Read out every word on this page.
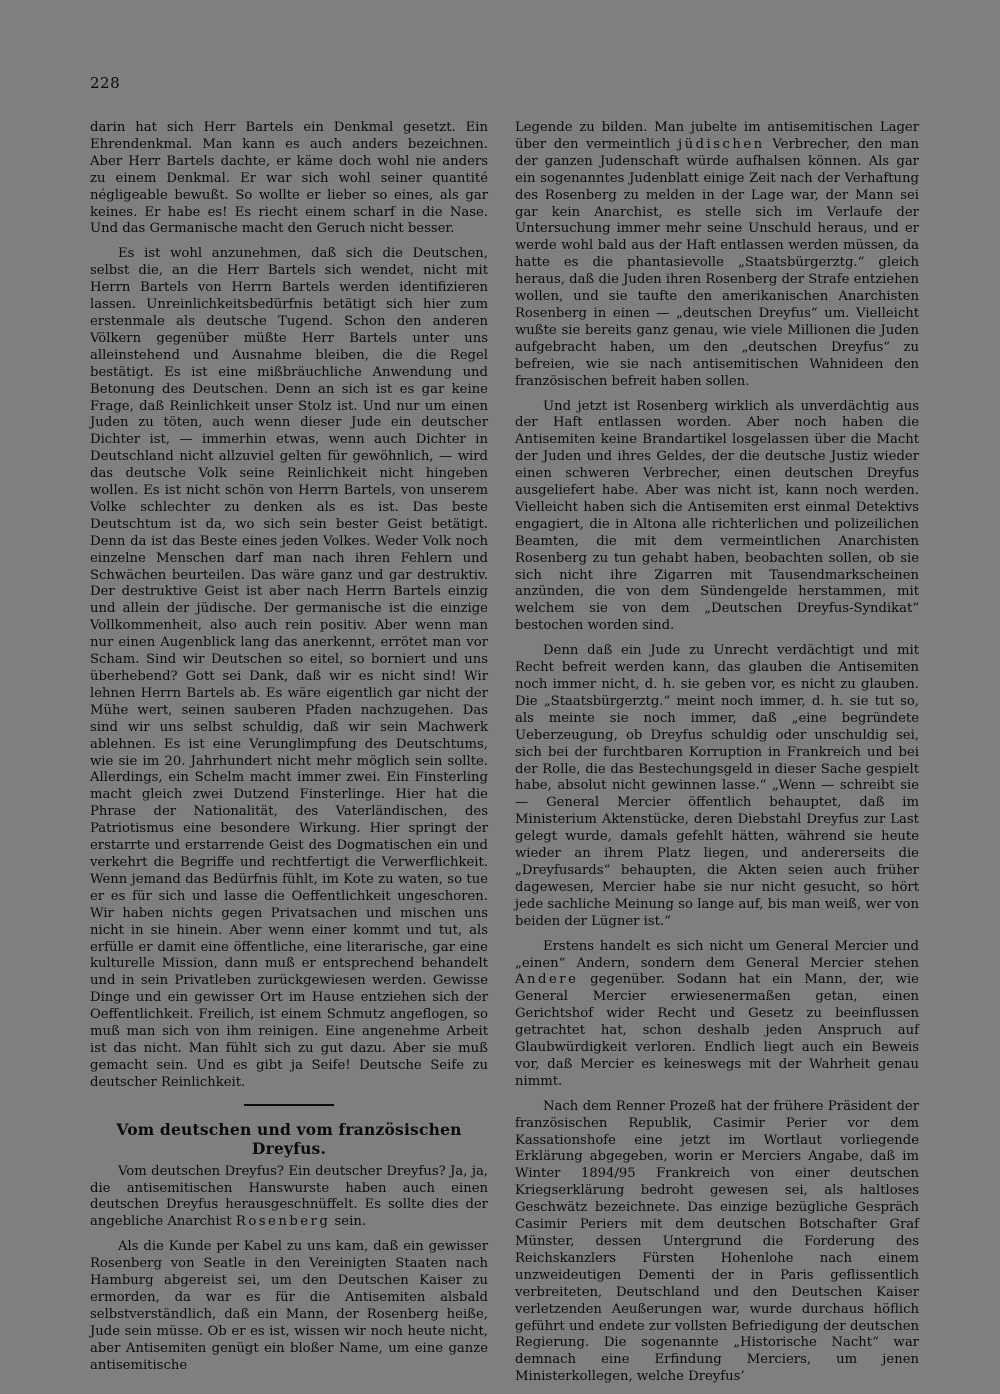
228

darin hat sich Herr Bartels ein Denkmal gesetzt. Ein Ehrendenkmal. Man kann es auch anders bezeichnen. Aber Herr Bartels dachte, er käme doch wohl nie anders zu einem Denkmal. Er war sich wohl seiner quantité négligeable bewußt. So wollte er lieber so eines, als gar keines. Er habe es! Es riecht einem scharf in die Nase. Und das Germanische macht den Geruch nicht besser.

Es ist wohl anzunehmen, daß sich die Deutschen, selbst die, an die Herr Bartels sich wendet, nicht mit Herrn Bartels von Herrn Bartels werden identifizieren lassen. Unreinlichkeitsbedürfnis betätigt sich hier zum erstenmale als deutsche Tugend. Schon den anderen Völkern gegenüber müßte Herr Bartels unter uns alleinstehend und Ausnahme bleiben, die die Regel bestätigt. Es ist eine mißbräuchliche Anwendung und Betonung des Deutschen. Denn an sich ist es gar keine Frage, daß Reinlichkeit unser Stolz ist. Und nur um einen Juden zu töten, auch wenn dieser Jude ein deutscher Dichter ist, — immerhin etwas, wenn auch Dichter in Deutschland nicht allzuviel gelten für gewöhnlich, — wird das deutsche Volk seine Reinlichkeit nicht hingeben wollen. Es ist nicht schön von Herrn Bartels, von unserem Volke schlechter zu denken als es ist. Das beste Deutschtum ist da, wo sich sein bester Geist betätigt. Denn da ist das Beste eines jeden Volkes. Weder Volk noch einzelne Menschen darf man nach ihren Fehlern und Schwächen beurteilen. Das wäre ganz und gar destruktiv. Der destruktive Geist ist aber nach Herrn Bartels einzig und allein der jüdische. Der germanische ist die einzige Vollkommenheit, also auch rein positiv. Aber wenn man nur einen Augenblick lang das anerkennt, errötet man vor Scham. Sind wir Deutschen so eitel, so borniert und uns überhebend? Gott sei Dank, daß wir es nicht sind! Wir lehnen Herrn Bartels ab. Es wäre eigentlich gar nicht der Mühe wert, seinen sauberen Pfaden nachzugehen. Das sind wir uns selbst schuldig, daß wir sein Machwerk ablehnen. Es ist eine Verunglimpfung des Deutschtums, wie sie im 20. Jahrhundert nicht mehr möglich sein sollte. Allerdings, ein Schelm macht immer zwei. Ein Finsterling macht gleich zwei Dutzend Finsterlinge. Hier hat die Phrase der Nationalität, des Vaterländischen, des Patriotismus eine besondere Wirkung. Hier springt der erstarrte und erstarrende Geist des Dogmatischen ein und verkehrt die Begriffe und rechtfertigt die Verwerflichkeit. Wenn jemand das Bedürfnis fühlt, im Kote zu waten, so tue er es für sich und lasse die Oeffentlichkeit ungeschoren. Wir haben nichts gegen Privatsachen und mischen uns nicht in sie hinein. Aber wenn einer kommt und tut, als erfülle er damit eine öffentliche, eine literarische, gar eine kulturelle Mission, dann muß er entsprechend behandelt und in sein Privatleben zurückgewiesen werden. Gewisse Dinge und ein gewisser Ort im Hause entziehen sich der Oeffentlichkeit. Freilich, ist einem Schmutz angeflogen, so muß man sich von ihm reinigen. Eine angenehme Arbeit ist das nicht. Man fühlt sich zu gut dazu. Aber sie muß gemacht sein. Und es gibt ja Seife! Deutsche Seife zu deutscher Reinlichkeit.

Vom deutschen und vom französischen Dreyfus.

Vom deutschen Dreyfus? Ein deutscher Dreyfus? Ja, ja, die antisemitischen Hanswurste haben auch einen deutschen Dreyfus herausgeschnüffelt. Es sollte dies der angebliche Anarchist Rosenberg sein.

Als die Kunde per Kabel zu uns kam, daß ein gewisser Rosenberg von Seatle in den Vereinigten Staaten nach Hamburg abgereist sei, um den Deutschen Kaiser zu ermorden, da war es für die Antisemiten alsbald selbstverständlich, daß ein Mann, der Rosenberg heiße, Jude sein müsse. Ob er es ist, wissen wir noch heute nicht, aber Antisemiten genügt ein bloßer Name, um eine ganze antisemitische

Legende zu bilden. Man jubelte im antisemitischen Lager über den vermeintlich jüdischen Verbrecher, den man der ganzen Judenschaft würde aufhalsen können. Als gar ein sogenanntes Judenblatt einige Zeit nach der Verhaftung des Rosenberg zu melden in der Lage war, der Mann sei gar kein Anarchist, es stelle sich im Verlaufe der Untersuchung immer mehr seine Unschuld heraus, und er werde wohl bald aus der Haft entlassen werden müssen, da hatte es die phantasievolle „Staatsbürgerztg.“ gleich heraus, daß die Juden ihren Rosenberg der Strafe entziehen wollen, und sie taufte den amerikanischen Anarchisten Rosenberg in einen — „deutschen Dreyfus“ um. Vielleicht wußte sie bereits ganz genau, wie viele Millionen die Juden aufgebracht haben, um den „deutschen Dreyfus“ zu befreien, wie sie nach antisemitischen Wahnideen den französischen befreit haben sollen.

Und jetzt ist Rosenberg wirklich als unverdächtig aus der Haft entlassen worden. Aber noch haben die Antisemiten keine Brandartikel losgelassen über die Macht der Juden und ihres Geldes, der die deutsche Justiz wieder einen schweren Verbrecher, einen deutschen Dreyfus ausgeliefert habe. Aber was nicht ist, kann noch werden. Vielleicht haben sich die Antisemiten erst einmal Detektivs engagiert, die in Altona alle richterlichen und polizeilichen Beamten, die mit dem vermeintlichen Anarchisten Rosenberg zu tun gehabt haben, beobachten sollen, ob sie sich nicht ihre Zigarren mit Tausendmarkscheinen anzünden, die von dem Sündengelde herstammen, mit welchem sie von dem „Deutschen Dreyfus-Syndikat“ bestochen worden sind.

Denn daß ein Jude zu Unrecht verdächtigt und mit Recht befreit werden kann, das glauben die Antisemiten noch immer nicht, d. h. sie geben vor, es nicht zu glauben. Die „Staatsbürgerztg.“ meint noch immer, d. h. sie tut so, als meinte sie noch immer, daß „eine begründete Ueberzeugung, ob Dreyfus schuldig oder unschuldig sei, sich bei der furchtbaren Korruption in Frankreich und bei der Rolle, die das Bestechungsgeld in dieser Sache gespielt habe, absolut nicht gewinnen lasse.“ „Wenn — schreibt sie — General Mercier öffentlich behauptet, daß im Ministerium Aktenstücke, deren Diebstahl Dreyfus zur Last gelegt wurde, damals gefehlt hätten, während sie heute wieder an ihrem Platz liegen, und andererseits die „Dreyfusards“ behaupten, die Akten seien auch früher dagewesen, Mercier habe sie nur nicht gesucht, so hört jede sachliche Meinung so lange auf, bis man weiß, wer von beiden der Lügner ist.“

Erstens handelt es sich nicht um General Mercier und „einen“ Andern, sondern dem General Mercier stehen Andere gegenüber. Sodann hat ein Mann, der, wie General Mercier erwiesenermaßen getan, einen Gerichtshof wider Recht und Gesetz zu beeinflussen getrachtet hat, schon deshalb jeden Anspruch auf Glaubwürdigkeit verloren. Endlich liegt auch ein Beweis vor, daß Mercier es keineswegs mit der Wahrheit genau nimmt.

Nach dem Renner Prozeß hat der frühere Präsident der französischen Republik, Casimir Perier vor dem Kassationshofe eine jetzt im Wortlaut vorliegende Erklärung abgegeben, worin er Merciers Angabe, daß im Winter 1894/95 Frankreich von einer deutschen Kriegserklärung bedroht gewesen sei, als haltloses Geschwätz bezeichnete. Das einzige bezügliche Gespräch Casimir Periers mit dem deutschen Botschafter Graf Münster, dessen Untergrund die Forderung des Reichskanzlers Fürsten Hohenlohe nach einem unzweideutigen Dementi der in Paris geflissentlich verbreiteten, Deutschland und den Deutschen Kaiser verletzenden Aeußerungen war, wurde durchaus höflich geführt und endete zur vollsten Befriedigung der deutschen Regierung. Die sogenannte „Historische Nacht“ war demnach eine Erfindung Merciers, um jenen Ministerkollegen, welche Dreyfus’
